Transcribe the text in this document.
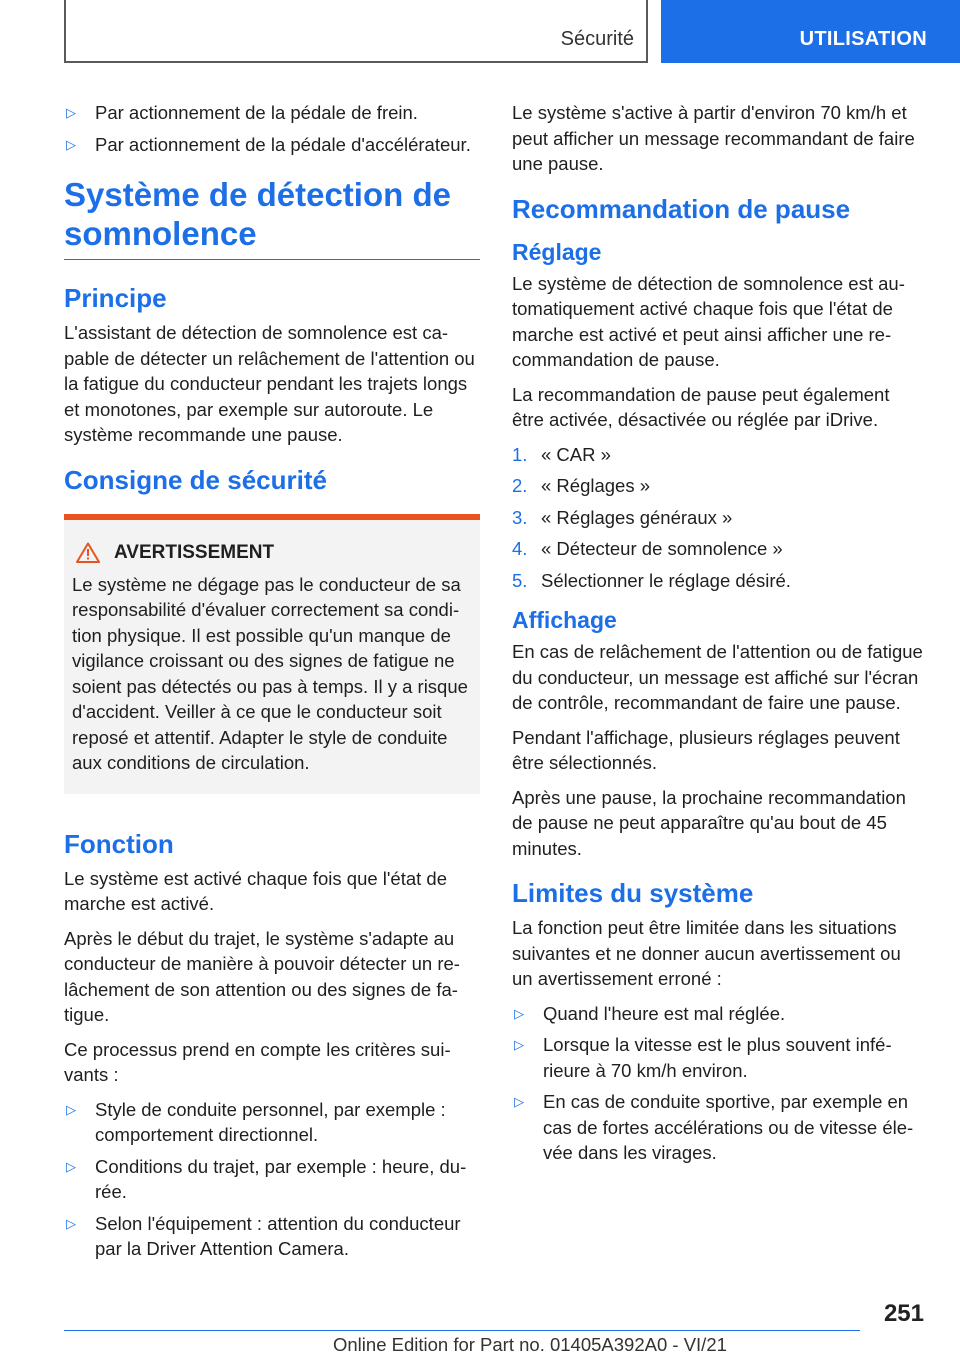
Sécurité	UTILISATION
▷	Par actionnement de la pédale de frein.
▷	Par actionnement de la pédale d'accélérateur.
Système de détection de somnolence
Principe

L'assistant de détection de somnolence est capable de détecter un relâchement de l'attention ou la fatigue du conducteur pendant les trajets longs et monotones, par exemple sur autoroute. Le système recommande une pause.

Consigne de sécurité
AVERTISSEMENT

Le système ne dégage pas le conducteur de sa responsabilité d'évaluer correctement sa condition physique. Il est possible qu'un manque de vigilance croissant ou des signes de fatigue ne soient pas détectés ou pas à temps. Il y a risque d'accident. Veiller à ce que le conducteur soit reposé et attentif. Adapter le style de conduite aux conditions de circulation.

Fonction

Le système est activé chaque fois que l'état de marche est activé.

Après le début du trajet, le système s'adapte au conducteur de manière à pouvoir détecter un relâchement de son attention ou des signes de fatigue.

Ce processus prend en compte les critères suivants :

▷	Style de conduite personnel, par exemple : comportement directionnel.
▷	Conditions du trajet, par exemple : heure, durée.
▷	Selon l'équipement : attention du conducteur par la Driver Attention Camera.

Le système s'active à partir d'environ 70 km/h et peut afficher un message recommandant de faire une pause.

Recommandation de pause
Réglage

Le système de détection de somnolence est automatiquement activé chaque fois que l'état de marche est activé et peut ainsi afficher une recommandation de pause.

La recommandation de pause peut également être activée, désactivée ou réglée par iDrive.

1. « CAR »
2. « Réglages »
3. « Réglages généraux »
4. « Détecteur de somnolence »
5. Sélectionner le réglage désiré.
Affichage

En cas de relâchement de l'attention ou de fatigue du conducteur, un message est affiché sur l'écran de contrôle, recommandant de faire une pause.

Pendant l'affichage, plusieurs réglages peuvent être sélectionnés.

Après une pause, la prochaine recommandation de pause ne peut apparaître qu'au bout de 45 minutes.

Limites du système

La fonction peut être limitée dans les situations suivantes et ne donner aucun avertissement ou un avertissement erroné :

▷	Quand l'heure est mal réglée.
▷	Lorsque la vitesse est le plus souvent inférieure à 70 km/h environ.
▷	En cas de conduite sportive, par exemple en cas de fortes accélérations ou de vitesse élevée dans les virages.
251
Online Edition for Part no. 01405A392A0 - VI/21
